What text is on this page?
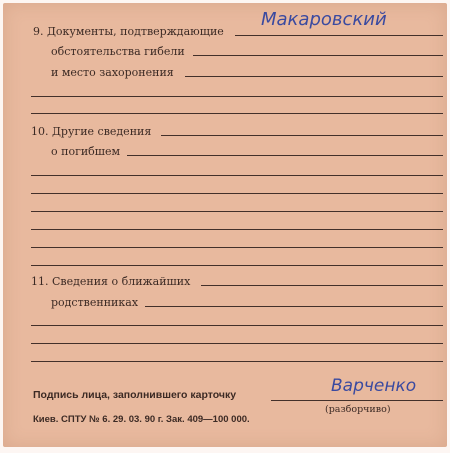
9. Документы, подтверждающие
Макаровский
обстоятельства гибели
и место захоронения
10. Другие сведения
о погибшем
11. Сведения о ближайших
родственниках
Подпись лица, заполнившего карточку	Варченко
(разборчиво)
Киев. СПТУ № 6. 29. 03. 90 г. Зак. 409—100 000.
